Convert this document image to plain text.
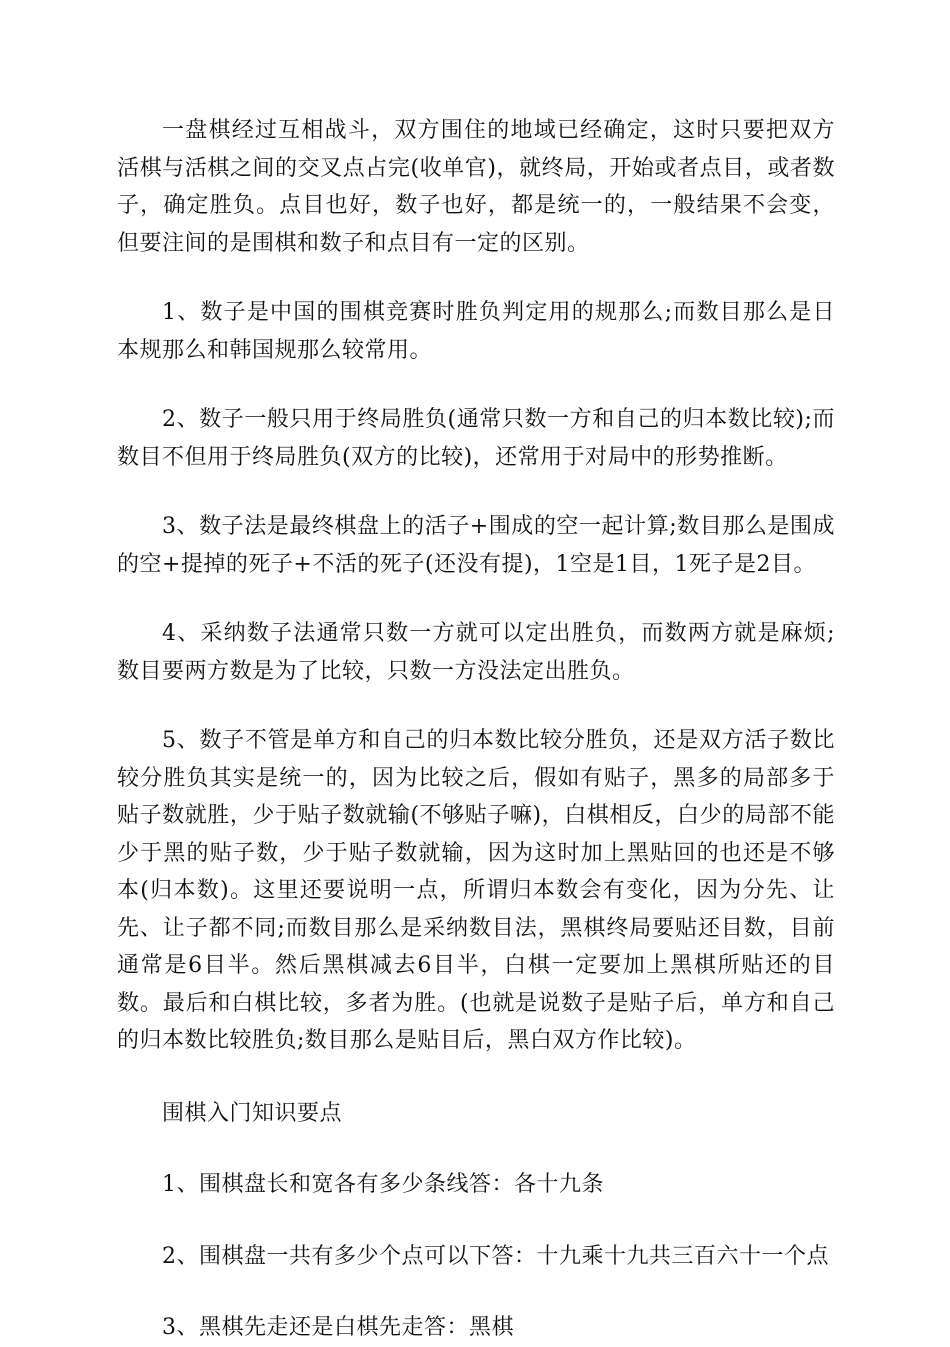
一盘棋经过互相战斗，双方围住的地域已经确定，这时只要把双方活棋与活棋之间的交叉点占完(收单官)，就终局，开始或者点目，或者数子，确定胜负。点目也好，数子也好，都是统一的，一般结果不会变，但要注间的是围棋和数子和点目有一定的区别。

1、数子是中国的围棋竞赛时胜负判定用的规那么;而数目那么是日本规那么和韩国规那么较常用。

2、数子一般只用于终局胜负(通常只数一方和自己的归本数比较);而数目不但用于终局胜负(双方的比较)，还常用于对局中的形势推断。

3、数子法是最终棋盘上的活子+围成的空一起计算;数目那么是围成的空+提掉的死子+不活的死子(还没有提)，1空是1目，1死子是2目。

4、采纳数子法通常只数一方就可以定出胜负，而数两方就是麻烦;数目要两方数是为了比较，只数一方没法定出胜负。

5、数子不管是单方和自己的归本数比较分胜负，还是双方活子数比较分胜负其实是统一的，因为比较之后，假如有贴子，黑多的局部多于贴子数就胜，少于贴子数就输(不够贴子嘛)，白棋相反，白少的局部不能少于黑的贴子数，少于贴子数就输，因为这时加上黑贴回的也还是不够本(归本数)。这里还要说明一点，所谓归本数会有变化，因为分先、让先、让子都不同;而数目那么是采纳数目法，黑棋终局要贴还目数，目前通常是6目半。然后黑棋减去6目半，白棋一定要加上黑棋所贴还的目数。最后和白棋比较，多者为胜。(也就是说数子是贴子后，单方和自己的归本数比较胜负;数目那么是贴目后，黑白双方作比较)。

围棋入门知识要点

1、围棋盘长和宽各有多少条线答：各十九条

2、围棋盘一共有多少个点可以下答：十九乘十九共三百六十一个点

3、黑棋先走还是白棋先走答：黑棋
